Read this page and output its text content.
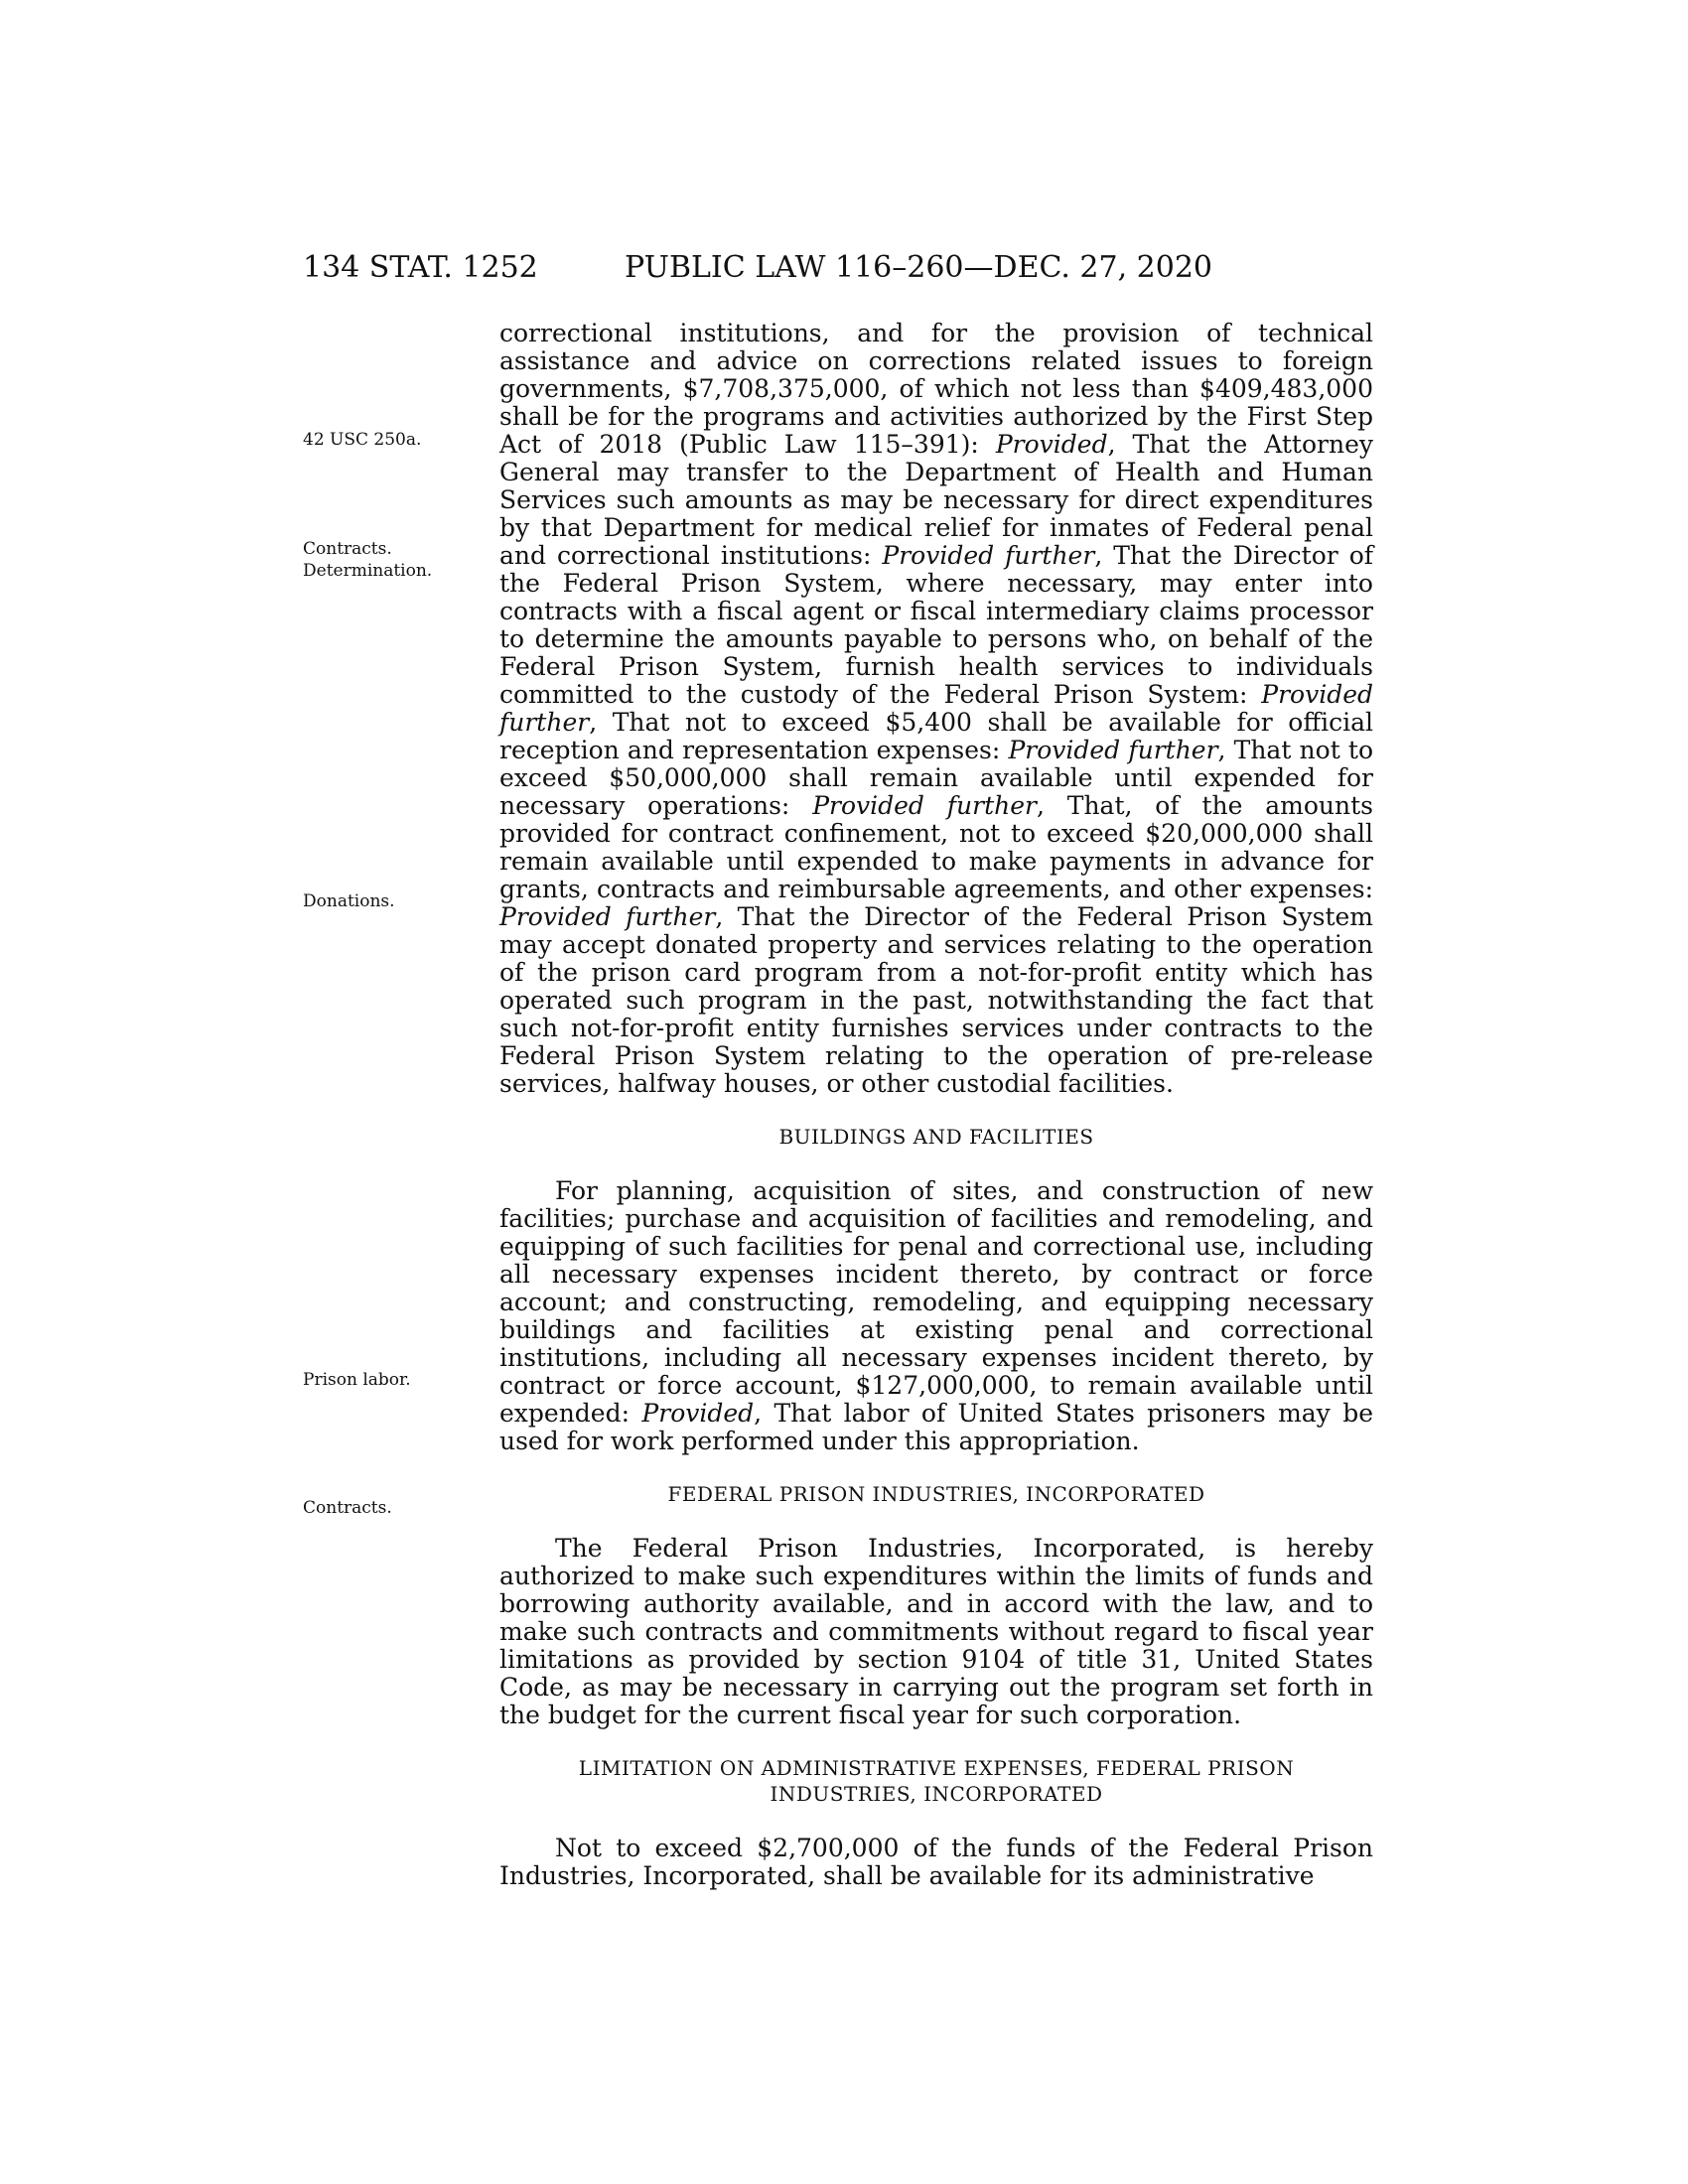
134 STAT. 1252	PUBLIC LAW 116–260—DEC. 27, 2020
42 USC 250a.
Contracts.
Determination.
Donations.
Prison labor.
Contracts.

correctional institutions, and for the provision of technical assistance and advice on corrections related issues to foreign governments, $7,708,375,000, of which not less than $409,483,000 shall be for the programs and activities authorized by the First Step Act of 2018 (Public Law 115–391): Provided, That the Attorney General may transfer to the Department of Health and Human Services such amounts as may be necessary for direct expenditures by that Department for medical relief for inmates of Federal penal and correctional institutions: Provided further, That the Director of the Federal Prison System, where necessary, may enter into contracts with a fiscal agent or fiscal intermediary claims processor to determine the amounts payable to persons who, on behalf of the Federal Prison System, furnish health services to individuals committed to the custody of the Federal Prison System: Provided further, That not to exceed $5,400 shall be available for official reception and representation expenses: Provided further, That not to exceed $50,000,000 shall remain available until expended for necessary operations: Provided further, That, of the amounts provided for contract confinement, not to exceed $20,000,000 shall remain available until expended to make payments in advance for grants, contracts and reimbursable agreements, and other expenses: Provided further, That the Director of the Federal Prison System may accept donated property and services relating to the operation of the prison card program from a not-for-profit entity which has operated such program in the past, notwithstanding the fact that such not-for-profit entity furnishes services under contracts to the Federal Prison System relating to the operation of pre-release services, halfway houses, or other custodial facilities.

BUILDINGS AND FACILITIES

For planning, acquisition of sites, and construction of new facilities; purchase and acquisition of facilities and remodeling, and equipping of such facilities for penal and correctional use, including all necessary expenses incident thereto, by contract or force account; and constructing, remodeling, and equipping necessary buildings and facilities at existing penal and correctional institutions, including all necessary expenses incident thereto, by contract or force account, $127,000,000, to remain available until expended: Provided, That labor of United States prisoners may be used for work performed under this appropriation.

FEDERAL PRISON INDUSTRIES, INCORPORATED

The Federal Prison Industries, Incorporated, is hereby authorized to make such expenditures within the limits of funds and borrowing authority available, and in accord with the law, and to make such contracts and commitments without regard to fiscal year limitations as provided by section 9104 of title 31, United States Code, as may be necessary in carrying out the program set forth in the budget for the current fiscal year for such corporation.

LIMITATION ON ADMINISTRATIVE EXPENSES, FEDERAL PRISON

INDUSTRIES, INCORPORATED

Not to exceed $2,700,000 of the funds of the Federal Prison Industries, Incorporated, shall be available for its administrative
